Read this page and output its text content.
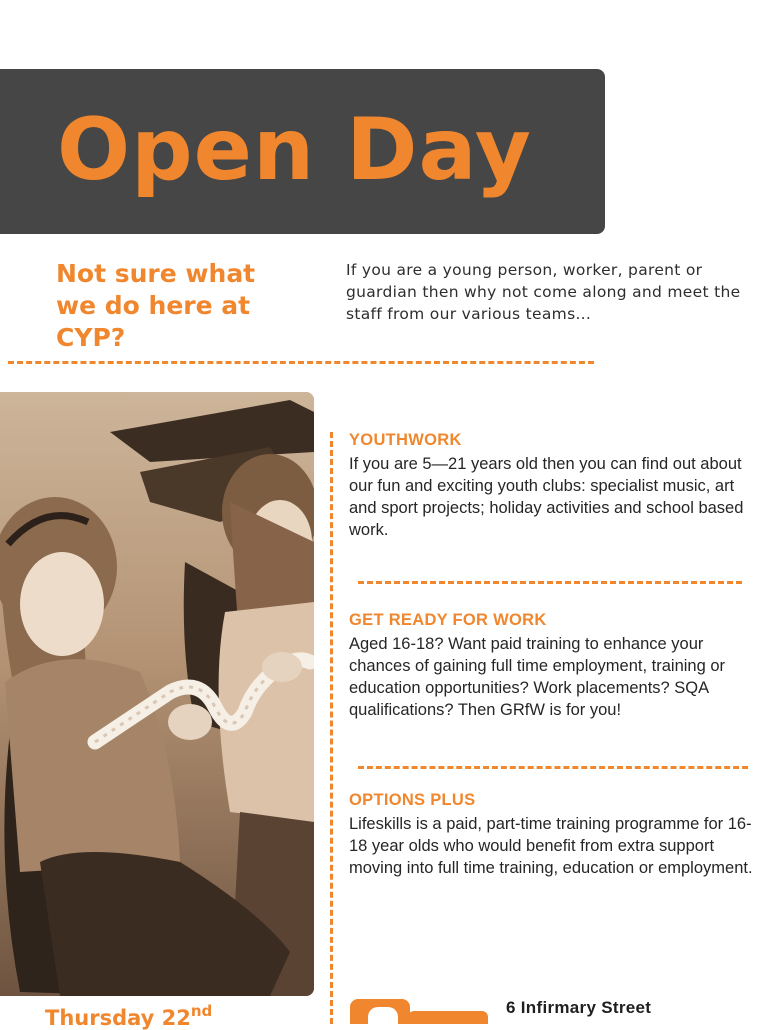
Open Day
Not sure what we do here at CYP?

If you are a young person, worker, parent or guardian then why not come along and meet the staff from our various teams...

YOUTHWORK

If you are 5—21 years old then you can find out about our fun and exciting youth clubs: specialist music, art and sport projects; holiday activities and school based work.

GET READY FOR WORK

Aged 16-18? Want paid training to enhance your chances of gaining full time employment, training or education opportunities? Work placements? SQA qualifications? Then GRfW is for you!

OPTIONS PLUS

Lifeskills is a paid, part-time training programme for 16-18 year olds who would benefit from extra support moving into full time training, education or employment.

Thursday 22nd	6 Infirmary Street
